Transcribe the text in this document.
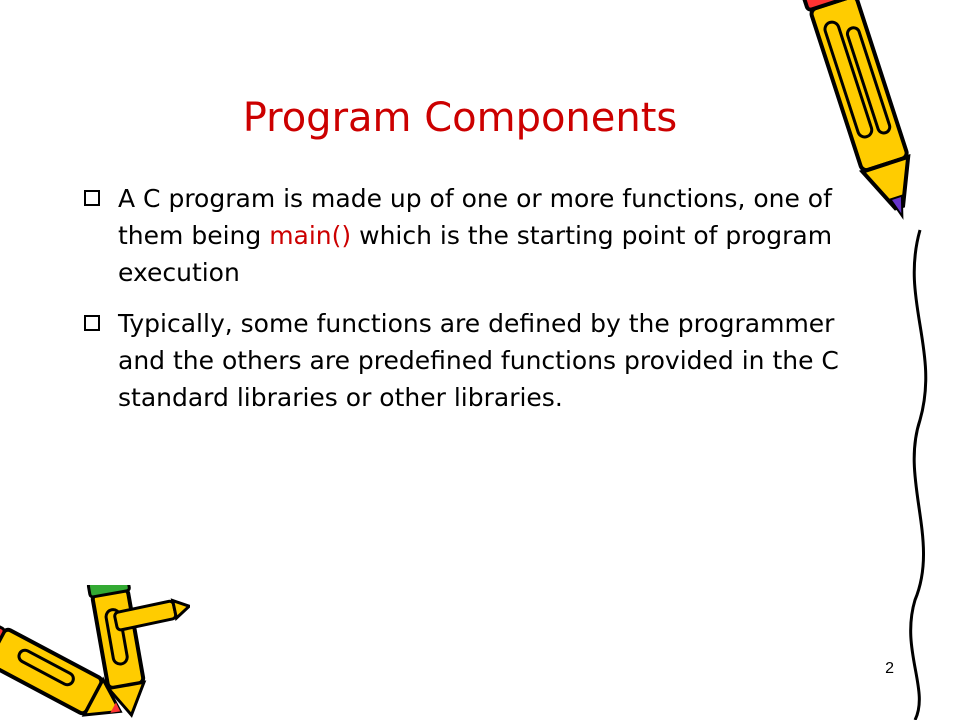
Program Components
A C program is made up of one or more functions, one of them being main() which is the starting point of program execution
Typically, some functions are defined by the programmer and the others are predefined functions provided in the C standard libraries or other libraries.
2
